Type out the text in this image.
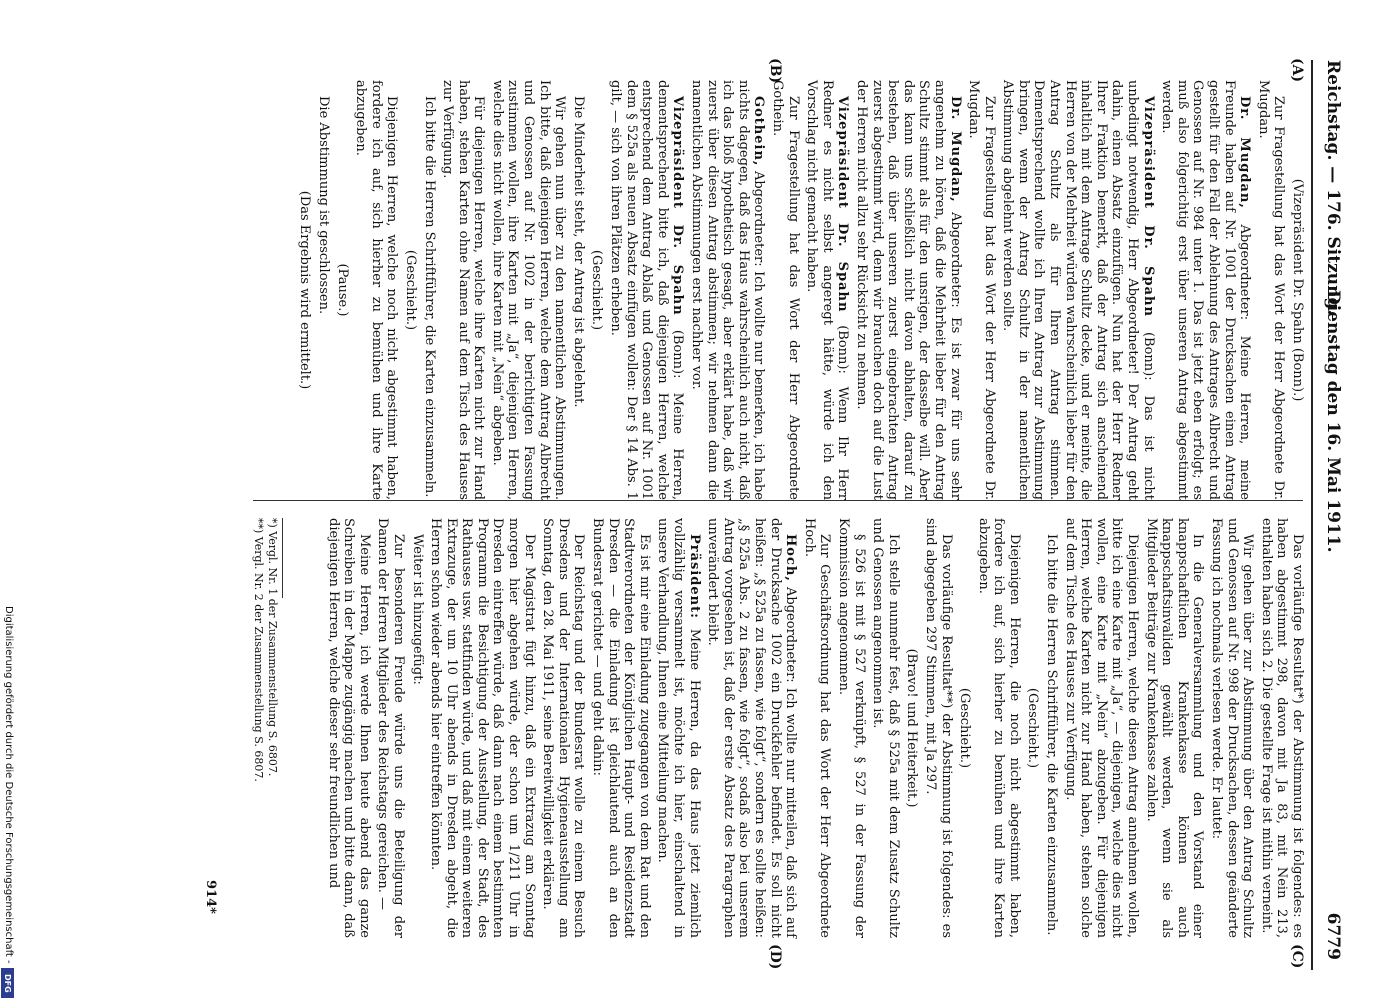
Reichstag. — 176. Sitzung.
Dienstag den 16. Mai 1911.
6779
(A)
(B)
(C)
(D)

(Vizepräsident Dr. Spahn (Bonn).)

Zur Fragestellung hat das Wort der Herr Abgeordnete Dr. Mugdan.

Dr. Mugdan, Abgeordneter: Meine Herren, meine Freunde haben auf Nr. 1001 der Drucksachen einen Antrag gestellt für den Fall der Ablehnung des Antrages Albrecht und Genossen auf Nr. 984 unter 1. Das ist jetzt eben erfolgt; es muß also folgerichtig erst über unseren Antrag abgestimmt werden.

Vizepräsident Dr. Spahn (Bonn): Das ist nicht unbedingt notwendig, Herr Abgeordneter! Der Antrag geht dahin, einen Absatz einzufügen. Nun hat der Herr Redner Ihrer Fraktion bemerkt, daß der Antrag sich anscheinend inhaltlich mit dem Antrage Schultz decke, und er meinte, die Herren von der Mehrheit würden wahrscheinlich lieber für den Antrag Schultz als für Ihren Antrag stimmen. Dementsprechend wollte ich Ihren Antrag zur Abstimmung bringen, wenn der Antrag Schultz in der namentlichen Abstimmung abgelehnt werden sollte.

Zur Fragestellung hat das Wort der Herr Abgeordnete Dr. Mugdan.

Dr. Mugdan, Abgeordneter: Es ist zwar für uns sehr angenehm zu hören, daß die Mehrheit lieber für den Antrag Schultz stimmt als für den unsrigen, der dasselbe will. Aber das kann uns schließlich nicht davon abhalten, darauf zu bestehen, daß über unseren zuerst eingebrachten Antrag zuerst abgestimmt wird, denn wir brauchen doch auf die Lust der Herren nicht allzu sehr Rücksicht zu nehmen.

Vizepräsident Dr. Spahn (Bonn): Wenn Ihr Herr Redner es nicht selbst angeregt hätte, würde ich den Vorschlag nicht gemacht haben.

Zur Fragestellung hat das Wort der Herr Abgeordnete Gothein.

Gothein, Abgeordneter: Ich wollte nur bemerken, ich habe nichts dagegen, daß das Haus wahrscheinlich auch nicht, daß ich das bloß hypothetisch gesagt, aber erklärt habe, daß wir zuerst über diesen Antrag abstimmen; wir nehmen dann die namentlichen Abstimmungen erst nachher vor.

Vizepräsident Dr. Spahn (Bonn): Meine Herren, dementsprechend bitte ich, daß diejenigen Herren, welche entsprechend dem Antrag Ablaß und Genossen auf Nr. 1001 dem § 525a als neuen Absatz einfügen wollen: Der § 14 Abs. 1 gilt, — sich von ihren Plätzen erheben.

(Geschieht.)

Die Minderheit steht, der Antrag ist abgelehnt.

Wir gehen nun über zu den namentlichen Abstimmungen. Ich bitte, daß diejenigen Herren, welche dem Antrag Albrecht und Genossen auf Nr. 1002 in der berichtigten Fassung zustimmen wollen, ihre Karten mit „Ja“, diejenigen Herren, welche dies nicht wollen, ihre Karten mit „Nein“ abgeben.

Für diejenigen Herren, welche ihre Karten nicht zur Hand haben, stehen Karten ohne Namen auf dem Tisch des Hauses zur Verfügung.

Ich bitte die Herren Schriftführer, die Karten einzusammeln.

(Geschieht.)

Diejenigen Herren, welche noch nicht abgestimmt haben, fordere ich auf, sich hierher zu bemühen und ihre Karte abzugeben.

(Pause.)

Die Abstimmung ist geschlossen.

(Das Ergebnis wird ermittelt.)

Das vorläufige Resultat*) der Abstimmung ist folgendes: es haben abgestimmt 298, davon mit Ja 83, mit Nein 213, enthalten haben sich 2. Die gestellte Frage ist mithin verneint.

Wir gehen über zur Abstimmung über den Antrag Schultz und Genossen auf Nr. 998 der Drucksachen, dessen geänderte Fassung ich nochmals verlesen werde. Er lautet:

In die Generalversammlung und den Vorstand einer knappschaftlichen Krankenkasse können auch knappschaftsinvaliden gewählt werden, wenn sie als Mitglieder Beiträge zur Krankenkasse zahlen.

Diejenigen Herren, welche diesen Antrag annehmen wollen, bitte ich eine Karte mit „Ja“, — diejenigen, welche dies nicht wollen, eine Karte mit „Nein“ abzugeben. Für diejenigen Herren, welche Karten nicht zur Hand haben, stehen solche auf dem Tische des Hauses zur Verfügung.

Ich bitte die Herren Schriftführer, die Karten einzusammeln.

(Geschieht.)

Diejenigen Herren, die noch nicht abgestimmt haben, fordere ich auf, sich hierher zu bemühen und ihre Karten abzugeben.

(Geschieht.)

Das vorläufige Resultat**) der Abstimmung ist folgendes: es sind abgegeben 297 Stimmen, mit Ja 297.

(Bravo! und Heiterkeit.)

Ich stelle nunmehr fest, daß § 525a mit dem Zusatz Schultz und Genossen angenommen ist.

§ 526 ist mit § 527 verknüpft, § 527 in der Fassung der Kommission angenommen.

Zur Geschäftsordnung hat das Wort der Herr Abgeordnete Hoch.

Hoch, Abgeordneter: Ich wollte nur mitteilen, daß sich auf der Drucksache 1002 ein Druckfehler befindet. Es soll nicht heißen: „§ 525a zu fassen, wie folgt“, sondern es sollte heißen: „§ 525a Abs. 2 zu fassen, wie folgt“, sodaß also bei unserem Antrag vorgesehen ist, daß der erste Absatz des Paragraphen unverändert bleibt.

Präsident: Meine Herren, da das Haus jetzt ziemlich vollzählig versammelt ist, möchte ich hier, einschaltend in unsere Verhandlung, Ihnen eine Mitteilung machen.

Es ist mir eine Einladung zugegangen von dem Rat und den Stadtverordneten der Königlichen Haupt- und Residenzstadt Dresden — die Einladung ist gleichlautend auch an den Bundesrat gerichtet — und geht dahin:

Der Reichstag und der Bundesrat wolle zu einem Besuch Dresdens und der Internationalen Hygieneausstellung am Sonntag, den 28. Mai 1911, seine Bereitwilligkeit erklären.

Der Magistrat fügt hinzu, daß ein Extrazug am Sonntag morgen hier abgehen würde, der schon um 1/211 Uhr in Dresden eintreffen würde, daß dann nach einem bestimmten Programm die Besichtigung der Ausstellung, der Stadt, des Rathauses usw. stattfinden würde, und daß mit einem weiteren Extrazuge, der um 10 Uhr abends in Dresden abgeht, die Herren schon wieder abends hier eintreffen könnten.

Weiter ist hinzugefügt:

Zur besonderen Freude würde uns die Beteiligung der Damen der Herren Mitglieder des Reichstags gereichen. —

Meine Herren, ich werde Ihnen heute abend das ganze Schreiben in der Mappe zugängig machen und bitte dann, daß diejenigen Herren, welche dieser sehr freundlichen und

*) Vergl. Nr. 1 der Zusammenstellung S. 6807.

**) Vergl. Nr. 2 der Zusammenstellung S. 6807.

914*
Digitalisierung gefördert durch die Deutsche Forschungsgemeinschaft -
DFG
